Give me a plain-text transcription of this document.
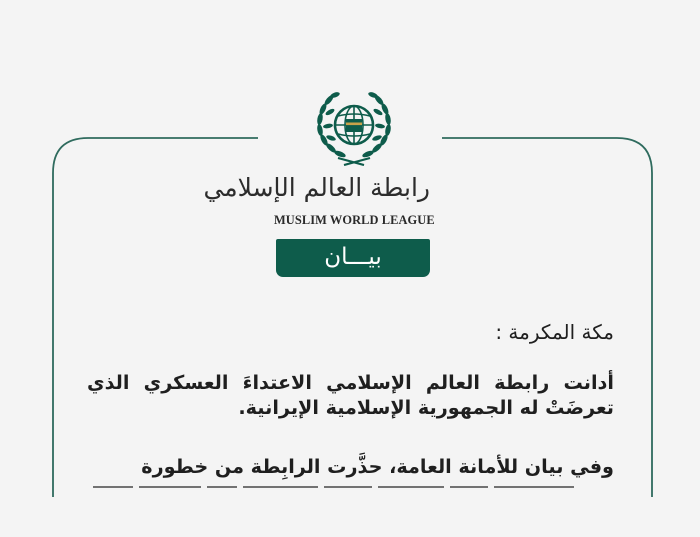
رابطة العالم الإسلامي
MUSLIM WORLD LEAGUE
بيـــان
مكة المكرمة :
أدانت رابطة العالم الإسلامي الاعتداءَ العسكري الذي تعرضَتْ له الجمهورية الإسلامية الإيرانية.
وفي بيان للأمانة العامة، حذَّرت الرابِطة من خطورة
